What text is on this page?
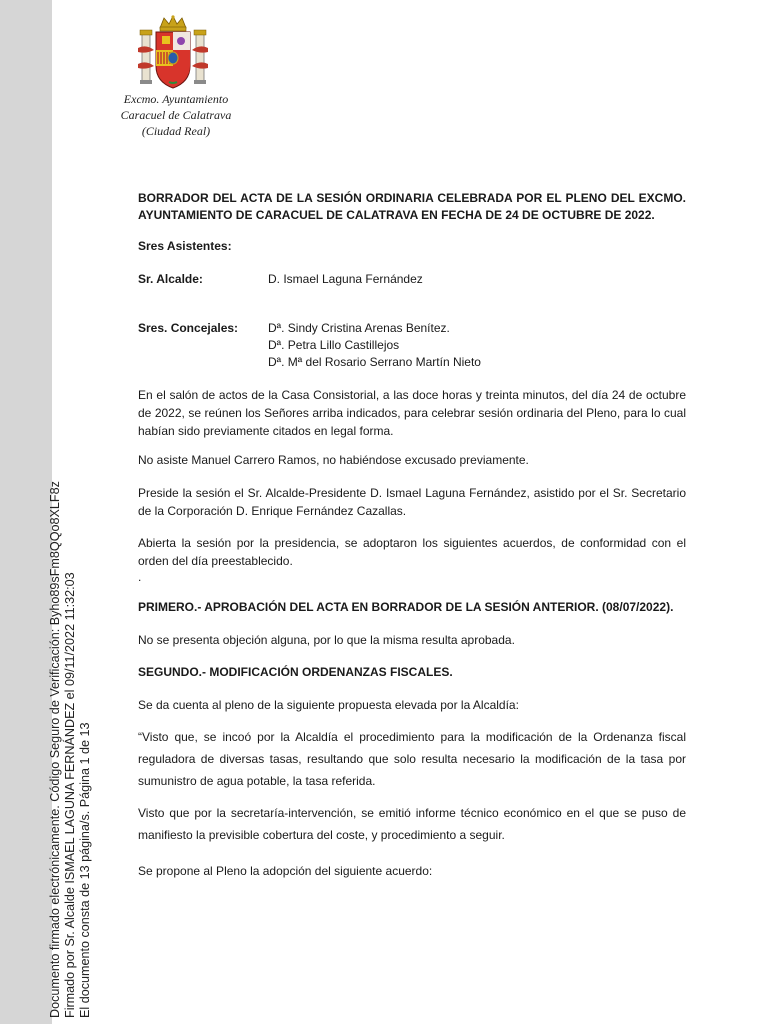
Documento firmado electrónicamente. Código Seguro de Verificación: Byho89sFm8QQo8XLF8z Firmado por Sr. Alcalde ISMAEL LAGUNA FERNÁNDEZ el 09/11/2022 11:32:03 El documento consta de 13 página/s. Página 1 de 13
Excmo. Ayuntamiento
Caracuel de Calatrava
(Ciudad Real)
BORRADOR DEL ACTA DE LA SESIÓN ORDINARIA CELEBRADA POR EL PLENO DEL EXCMO.
AYUNTAMIENTO DE CARACUEL DE CALATRAVA EN FECHA DE 24 DE OCTUBRE DE 2022.
Sres Asistentes:
Sr. Alcalde:	D. Ismael Laguna Fernández
Sres. Concejales: Dª. Sindy Cristina Arenas Benítez.
Dª. Petra Lillo Castillejos
Dª. Mª del Rosario Serrano Martín Nieto
En el salón de actos de la Casa Consistorial, a las doce horas y treinta minutos, del día 24 de octubre de 2022, se reúnen los Señores arriba indicados, para celebrar sesión ordinaria del Pleno, para lo cual habían sido previamente citados en legal forma.
No asiste Manuel Carrero Ramos, no habiéndose excusado previamente.
Preside la sesión el Sr. Alcalde-Presidente D. Ismael Laguna Fernández, asistido por el Sr. Secretario de la Corporación D. Enrique Fernández Cazallas.
Abierta la sesión por la presidencia, se adoptaron los siguientes acuerdos, de conformidad con el orden del día preestablecido.
.
PRIMERO.- APROBACIÓN DEL ACTA EN BORRADOR DE LA SESIÓN ANTERIOR. (08/07/2022).
No se presenta objeción alguna, por lo que la misma resulta aprobada.
SEGUNDO.- MODIFICACIÓN ORDENANZAS FISCALES.
Se da cuenta al pleno de la siguiente propuesta elevada por la Alcaldía:
“Visto que, se incoó por la Alcaldía el procedimiento para la modificación de la Ordenanza fiscal reguladora de diversas tasas, resultando que solo resulta necesario la modificación de la tasa por sumunistro de agua potable, la tasa referida.
Visto que por la secretaría-intervención, se emitió informe técnico económico en el que se puso de manifiesto la previsible cobertura del coste, y procedimiento a seguir.
Se propone al Pleno la adopción del siguiente acuerdo:
